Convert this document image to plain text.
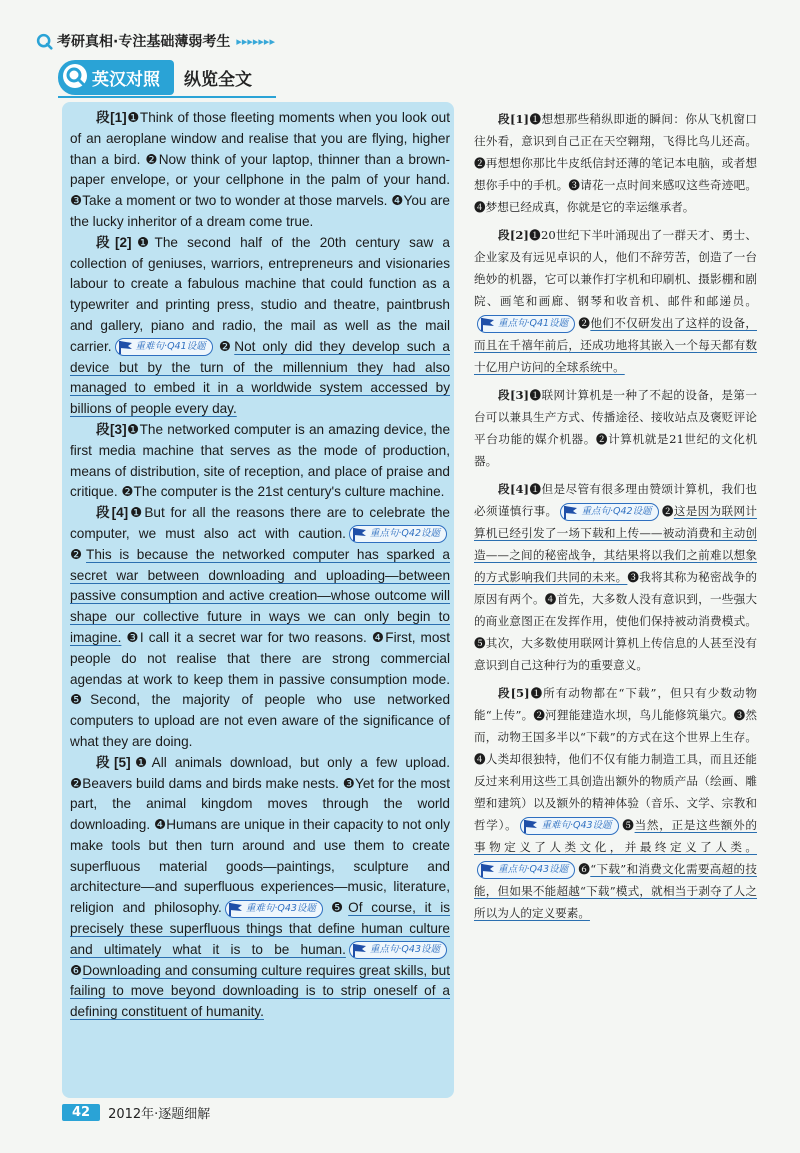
考研真相 ·专注基础薄弱考生 ▸▸▸▸▸▸▸
英汉对照	纵览全文

段[1]❶Think of those fleeting moments when you look out of an aeroplane window and realise that you are flying, higher than a bird. ❷Now think of your laptop, thinner than a brown-paper envelope, or your cellphone in the palm of your hand. ❸Take a moment or two to wonder at those marvels. ❹You are the lucky inheritor of a dream come true.

段[2]❶The second half of the 20th century saw a collection of geniuses, warriors, entrepreneurs and visionaries labour to create a fabulous machine that could function as a typewriter and printing press, studio and theatre, paintbrush and gallery, piano and radio, the mail as well as the mail carrier.	重难句·Q41设题 ❷Not only did they develop such a device but by the turn of the millennium they had also managed to embed it in a worldwide system accessed by billions of people every day.

段[3]❶The networked computer is an amazing device, the first media machine that serves as the mode of production, means of distribution, site of reception, and place of praise and critique. ❷The computer is the 21st century's culture machine.

段[4]❶But for all the reasons there are to celebrate the computer, we must also act with caution.	重点句·Q42设题
❷This is because the networked computer has sparked a secret war between downloading and uploading—between passive consumption and active creation—whose outcome will shape our collective future in ways we can only begin to imagine. ❸I call it a secret war for two reasons. ❹First, most people do not realise that there are strong commercial agendas at work to keep them in passive consumption mode. ❺Second, the majority of people who use networked computers to upload are not even aware of the significance of what they are doing.

段[5]❶All animals download, but only a few upload. ❷Beavers build dams and birds make nests. ❸Yet for the most part, the animal kingdom moves through the world downloading. ❹Humans are unique in their capacity to not only make tools but then turn around and use them to create superfluous material goods—paintings, sculpture and architecture—and superfluous experiences—music, literature, religion and philosophy.	重难句·Q43设题 ❺Of course, it is precisely these superfluous things that define human culture and ultimately what it is to be human.	重点句·Q43设题
❻Downloading and consuming culture requires great skills, but failing to move beyond downloading is to strip oneself of a defining constituent of humanity.

段[1]❶想想那些稍纵即逝的瞬间：你从飞机窗口往外看，意识到自己正在天空翱翔，飞得比鸟儿还高。❷再想想你那比牛皮纸信封还薄的笔记本电脑，或者想想你手中的手机。❸请花一点时间来感叹这些奇迹吧。❹梦想已经成真，你就是它的幸运继承者。

段[2]❶20世纪下半叶涌现出了一群天才、勇士、企业家及有远见卓识的人，他们不辞劳苦，创造了一台绝妙的机器，它可以兼作打字机和印刷机、摄影棚和剧院、画笔和画廊、钢琴和收音机、邮件和邮递员。
重点句·Q41设题 ❷他们不仅研发出了这样的设备，而且在千禧年前后，还成功地将其嵌入一个每天都有数十亿用户访问的全球系统中。

段[3]❶联网计算机是一种了不起的设备，是第一台可以兼具生产方式、传播途径、接收站点及褒贬评论平台功能的媒介机器。❷计算机就是21世纪的文化机器。

段[4]❶但是尽管有很多理由赞颂计算机，我们也必须谨慎行事。	重点句·Q42设题 ❷这是因为联网计算机已经引发了一场下载和上传——被动消费和主动创造——之间的秘密战争，其结果将以我们之前难以想象的方式影响我们共同的未来。❸我将其称为秘密战争的原因有两个。❹首先，大多数人没有意识到，一些强大的商业意图正在发挥作用，使他们保持被动消费模式。❺其次，大多数使用联网计算机上传信息的人甚至没有意识到自己这种行为的重要意义。

段[5]❶所有动物都在“下载”，但只有少数动物能“上传”。❷河狸能建造水坝，鸟儿能修筑巢穴。❸然而，动物王国多半以“下载”的方式在这个世界上生存。❹人类却很独特，他们不仅有能力制造工具，而且还能反过来利用这些工具创造出额外的物质产品（绘画、雕塑和建筑）以及额外的精神体验（音乐、文学、宗教和哲学）。	重难句·Q43设题 ❺当然，正是这些额外的事物定义了人类文化，并最终定义了人类。
重点句·Q43设题 ❻“下载”和消费文化需要高超的技能，但如果不能超越“下载”模式，就相当于剥夺了人之所以为人的定义要素。

42	2012年·逐题细解
